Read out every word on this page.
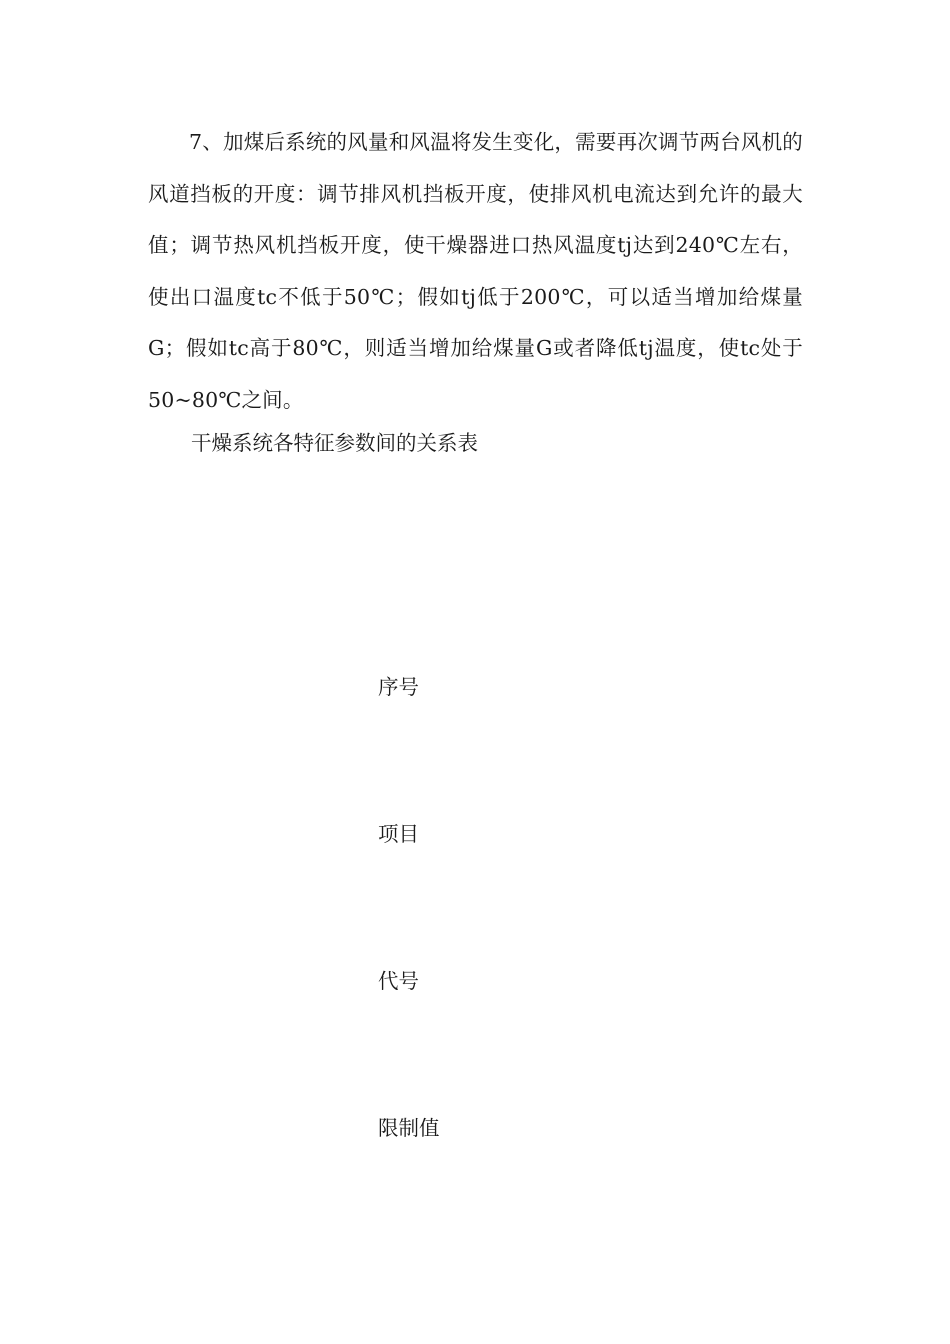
7、加煤后系统的风量和风温将发生变化，需要再次调节两台风机的风道挡板的开度：调节排风机挡板开度，使排风机电流达到允许的最大值；调节热风机挡板开度，使干燥器进口热风温度tj达到240℃左右，使出口温度tc不低于50℃；假如tj低于200℃，可以适当增加给煤量G；假如tc高于80℃，则适当增加给煤量G或者降低tj温度，使tc处于50~80℃之间。

干燥系统各特征参数间的关系表

序号

项目

代号

限制值
